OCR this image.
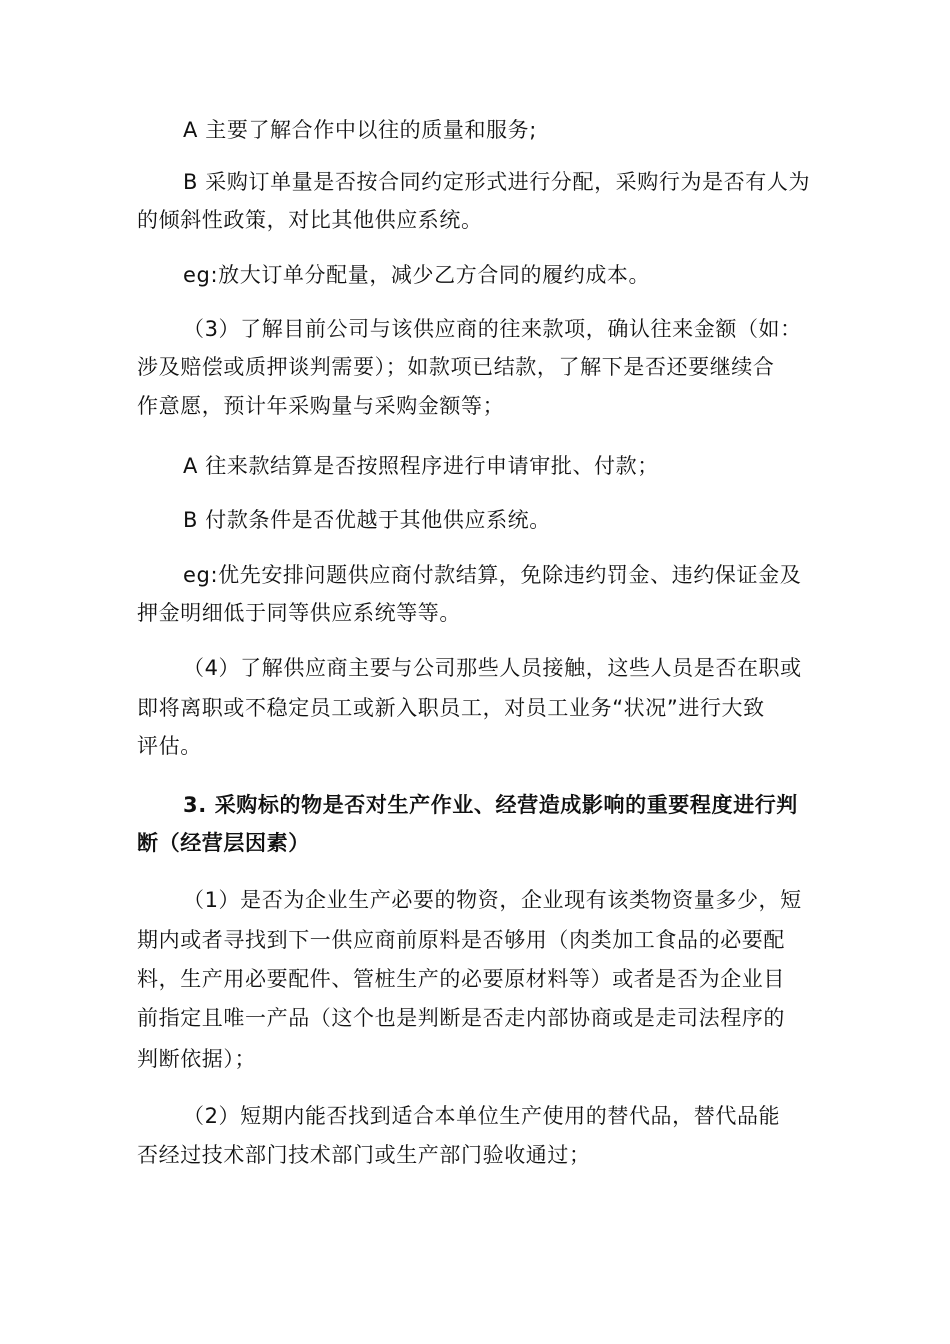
A 主要了解合作中以往的质量和服务;
B 采购订单量是否按合同约定形式进行分配，采购行为是否有人为
的倾斜性政策，对比其他供应系统。
eg:放大订单分配量，减少乙方合同的履约成本。
（3）了解目前公司与该供应商的往来款项，确认往来金额（如：
涉及赔偿或质押谈判需要）；如款项已结款，了解下是否还要继续合
作意愿，预计年采购量与采购金额等；
A 往来款结算是否按照程序进行申请审批、付款；
B 付款条件是否优越于其他供应系统。
eg:优先安排问题供应商付款结算，免除违约罚金、违约保证金及
押金明细低于同等供应系统等等。
（4）了解供应商主要与公司那些人员接触，这些人员是否在职或
即将离职或不稳定员工或新入职员工，对员工业务“状况”进行大致
评估。
3. 采购标的物是否对生产作业、经营造成影响的重要程度进行判
断（经营层因素）
（1）是否为企业生产必要的物资，企业现有该类物资量多少，短
期内或者寻找到下一供应商前原料是否够用（肉类加工食品的必要配
料，生产用必要配件、管桩生产的必要原材料等）或者是否为企业目
前指定且唯一产品（这个也是判断是否走内部协商或是走司法程序的
判断依据）；
（2）短期内能否找到适合本单位生产使用的替代品，替代品能
否经过技术部门技术部门或生产部门验收通过；
